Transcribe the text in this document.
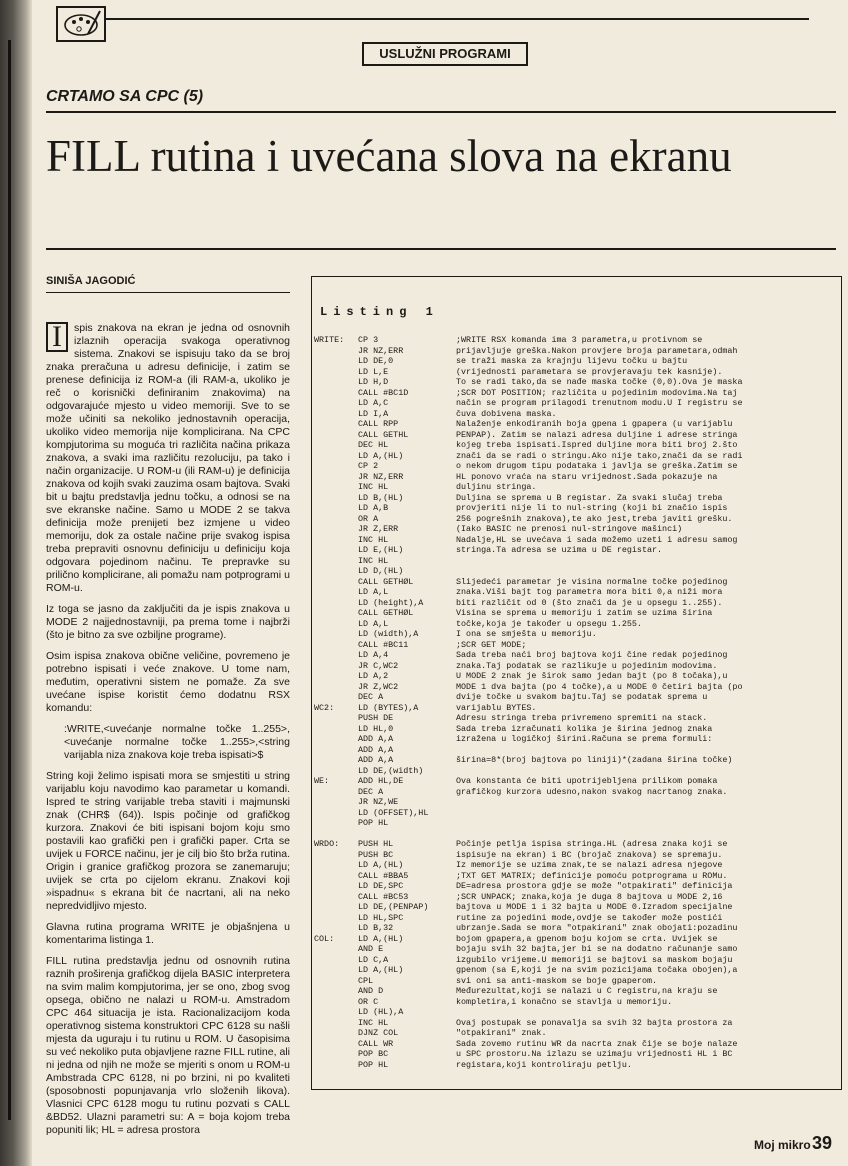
USLUŽNI PROGRAMI
CRTAMO SA CPC (5)
FILL rutina i uvećana slova na ekranu
SINIŠA JAGODIĆ

I	spis znakova na ekran je jedna od osnovnih izlaznih operacija svakoga operativnog sistema. Znakovi se ispisuju tako da se broj znaka preračuna u adresu definicije, i zatim se prenese definicija iz ROM-a (ili RAM-a, ukoliko je reč o korisnički definiranim znakovima) na odgovarajuće mjesto u video memoriji. Sve to se može učiniti sa nekoliko jednostavnih operacija, ukoliko video memorija nije komplicirana. Na CPC kompjutorima su moguća tri različita načina prikaza znakova, a svaki ima različitu rezoluciju, pa tako i način organizacije. U ROM-u (ili RAM-u) je definicija znakova od kojih svaki zauzima osam bajtova. Svaki bit u bajtu predstavlja jednu točku, a odnosi se na sve ekranske načine. Samo u MODE 2 se takva definicija može prenijeti bez izmjene u video memoriju, dok za ostale načine prije svakog ispisa treba prepraviti osnovnu definiciju u definiciju koja odgovara pojedinom načinu. Te prepravke su prilično komplicirane, ali pomažu nam potprogrami u ROM-u.

Iz toga se jasno da zaključiti da je ispis znakova u MODE 2 najjednostavniji, pa prema tome i najbrži (što je bitno za sve ozbiljne programe).

Osim ispisa znakova obične veličine, povremeno je potrebno ispisati i veće znakove. U tome nam, međutim, operativni sistem ne pomaže. Za sve uvećane ispise koristit ćemo dodatnu RSX komandu:

:WRITE,<uvećanje normalne točke 1..255>,<uvećanje normalne točke 1..255>,<string varijabla niza znakova koje treba ispisati>$

String koji želimo ispisati mora se smjestiti u string varijablu koju navodimo kao parametar u komandi. Ispred te string varijable treba staviti i majmunski znak (CHR$ (64)). Ispis počinje od grafičkog kurzora. Znakovi će biti ispisani bojom koju smo postavili kao grafički pen i grafički paper. Crta se uvijek u FORCE načinu, jer je cilj bio što brža rutina. Origin i granice grafičkog prozora se zanemaruju; uvijek se crta po cijelom ekranu. Znakovi koji »ispadnu« s ekrana bit će nacrtani, ali na neko nepredvidljivo mjesto.

Glavna rutina programa WRITE je objašnjena u komentarima listinga 1.

FILL rutina predstavlja jednu od osnovnih rutina raznih proširenja grafičkog dijela BASIC interpretera na svim malim kompjutorima, jer se ono, zbog svog opsega, obično ne nalazi u ROM-u. Amstradom CPC 464 situacija je ista. Racionalizacijom koda operativnog sistema konstruktori CPC 6128 su našli mjesta da uguraju i tu rutinu u ROM. U časopisima su već nekoliko puta objavljene razne FILL rutine, ali ni jedna od njih ne može se mjeriti s onom u ROM-u Ambstrada CPC 6128, ni po brzini, ni po kvaliteti (sposobnosti popunjavanja vrlo složenih likova). Vlasnici CPC 6128 mogu tu rutinu pozvati s CALL &BD52. Ulazni parametri su: A = boja kojom treba popuniti lik; HL = adresa prostora

Listing 1
WRITE:	CP 3	;WRITE RSX komanda ima 3 parametra,u protivnom se
JR NZ,ERR	prijavljuje greška.Nakon provjere broja parametara,odmah
LD DE,0	se traži maska za krajnju lijevu točku u bajtu
LD L,E	(vrijednosti parametara se provjeravaju tek kasnije).
LD H,D	To se radi tako,da se nađe maska točke (0,0).Ova je maska
CALL #BC1D	;SCR DOT POSITION; različita u pojedinim modovima.Na taj
LD A,C	način se program prilagodi trenutnom modu.U I registru se
LD I,A	čuva dobivena maska.
CALL RPP	Nalaženje enkodiranih boja gpena i gpapera (u varijablu
CALL GETHL	PENPAP). Zatim se nalazi adresa duljine i adrese stringa
DEC HL	kojeg treba ispisati.Ispred duljine mora biti broj 2.što
LD A,(HL)	znači da se radi o stringu.Ako nije tako,znači da se radi
CP 2	o nekom drugom tipu podataka i javlja se greška.Zatim se
JR NZ,ERR	HL ponovo vraća na staru vrijednost.Sada pokazuje na
INC HL	duljinu stringa.
LD B,(HL)	Duljina se sprema u B registar. Za svaki slučaj treba
LD A,B	provjeriti nije li to nul-string (koji bi značio ispis
OR A	256 pogrešnih znakova),te ako jest,treba javiti grešku.
JR Z,ERR	(Iako BASIC ne prenosi nul-stringove mašinci)
INC HL	Nadalje,HL se uvećava i sada možemo uzeti i adresu samog
LD E,(HL)	stringa.Ta adresa se uzima u DE registar.
INC HL
LD D,(HL)
CALL GETHØL	Slijedeći parametar je visina normalne točke pojedinog
LD A,L	znaka.Viši bajt tog parametra mora biti 0,a niži mora
LD (height),A	biti različit od 0 (što znači da je u opsegu 1..255).
CALL GETHØL	Visina se sprema u memoriju i zatim se uzima širina
LD A,L	točke,koja je također u opsegu 1.255.
LD (width),A	I ona se smješta u memoriju.
CALL #BC11	;SCR GET MODE;
LD A,4	Sada treba naći broj bajtova koji čine redak pojedinog
JR C,WC2	znaka.Taj podatak se razlikuje u pojedinim modovima.
LD A,2	U MODE 2 znak je širok samo jedan bajt (po 8 točaka),u
JR Z,WC2	MODE 1 dva bajta (po 4 točke),a u MODE 0 četiri bajta (po
DEC A	dvije točke u svakom bajtu.Taj se podatak sprema u
WC2:	LD (BYTES),A	varijablu BYTES.
PUSH DE	Adresu stringa treba privremeno spremiti na stack.
LD HL,0	Sada treba izračunati kolika je širina jednog znaka
ADD A,A	izražena u logičkoj širini.Računa se prema formuli:
ADD A,A
ADD A,A	širina=8*(broj bajtova po liniji)*(zadana širina točke)
LD DE,(width)
WE:	ADD HL,DE	Ova konstanta će biti upotrijebljena prilikom pomaka
DEC A	grafičkog kurzora udesno,nakon svakog nacrtanog znaka.
JR NZ,WE
LD (OFFSET),HL
POP HL
WRDO:	PUSH HL	Počinje petlja ispisa stringa.HL (adresa znaka koji se
PUSH BC	ispisuje na ekran) i BC (brojač znakova) se spremaju.
LD A,(HL)	Iz memorije se uzima znak,te se nalazi adresa njegove
CALL #BBA5	;TXT GET MATRIX; definicije pomoću potprograma u ROMu.
LD DE,SPC	DE=adresa prostora gdje se može "otpakirati" definicija
CALL #BC53	;SCR UNPACK; znaka,koja je duga 8 bajtova u MODE 2,16
LD DE,(PENPAP)	bajtova u MODE 1 i 32 bajta u MODE 0.Izradom specijalne
LD HL,SPC	rutine za pojedini mode,ovdje se također može postići
LD B,32	ubrzanje.Sada se mora "otpakirani" znak obojati:pozadinu
COL:	LD A,(HL)	bojom gpapera,a gpenom boju kojom se crta. Uvijek se
AND E	bojaju svih 32 bajta,jer bi se na dodatno računanje samo
LD C,A	izgubilo vrijeme.U memoriji se bajtovi sa maskom bojaju
LD A,(HL)	gpenom (sa E,koji je na svim pozicijama točaka obojen),a
CPL	svi oni sa anti-maskom se boje gpaperom.
AND D	Međurezultat,koji se nalazi u C registru,na kraju se
OR C	kompletira,i konačno se stavlja u memoriju.
LD (HL),A
INC HL	Ovaj postupak se ponavalja sa svih 32 bajta prostora za
DJNZ COL	"otpakirani" znak.
CALL WR	Sada zovemo rutinu WR da nacrta znak čije se boje nalaze
POP BC	u SPC prostoru.Na izlazu se uzimaju vrijednosti HL i BC
POP HL	registara,koji kontroliraju petlju.
Moj mikro 39
